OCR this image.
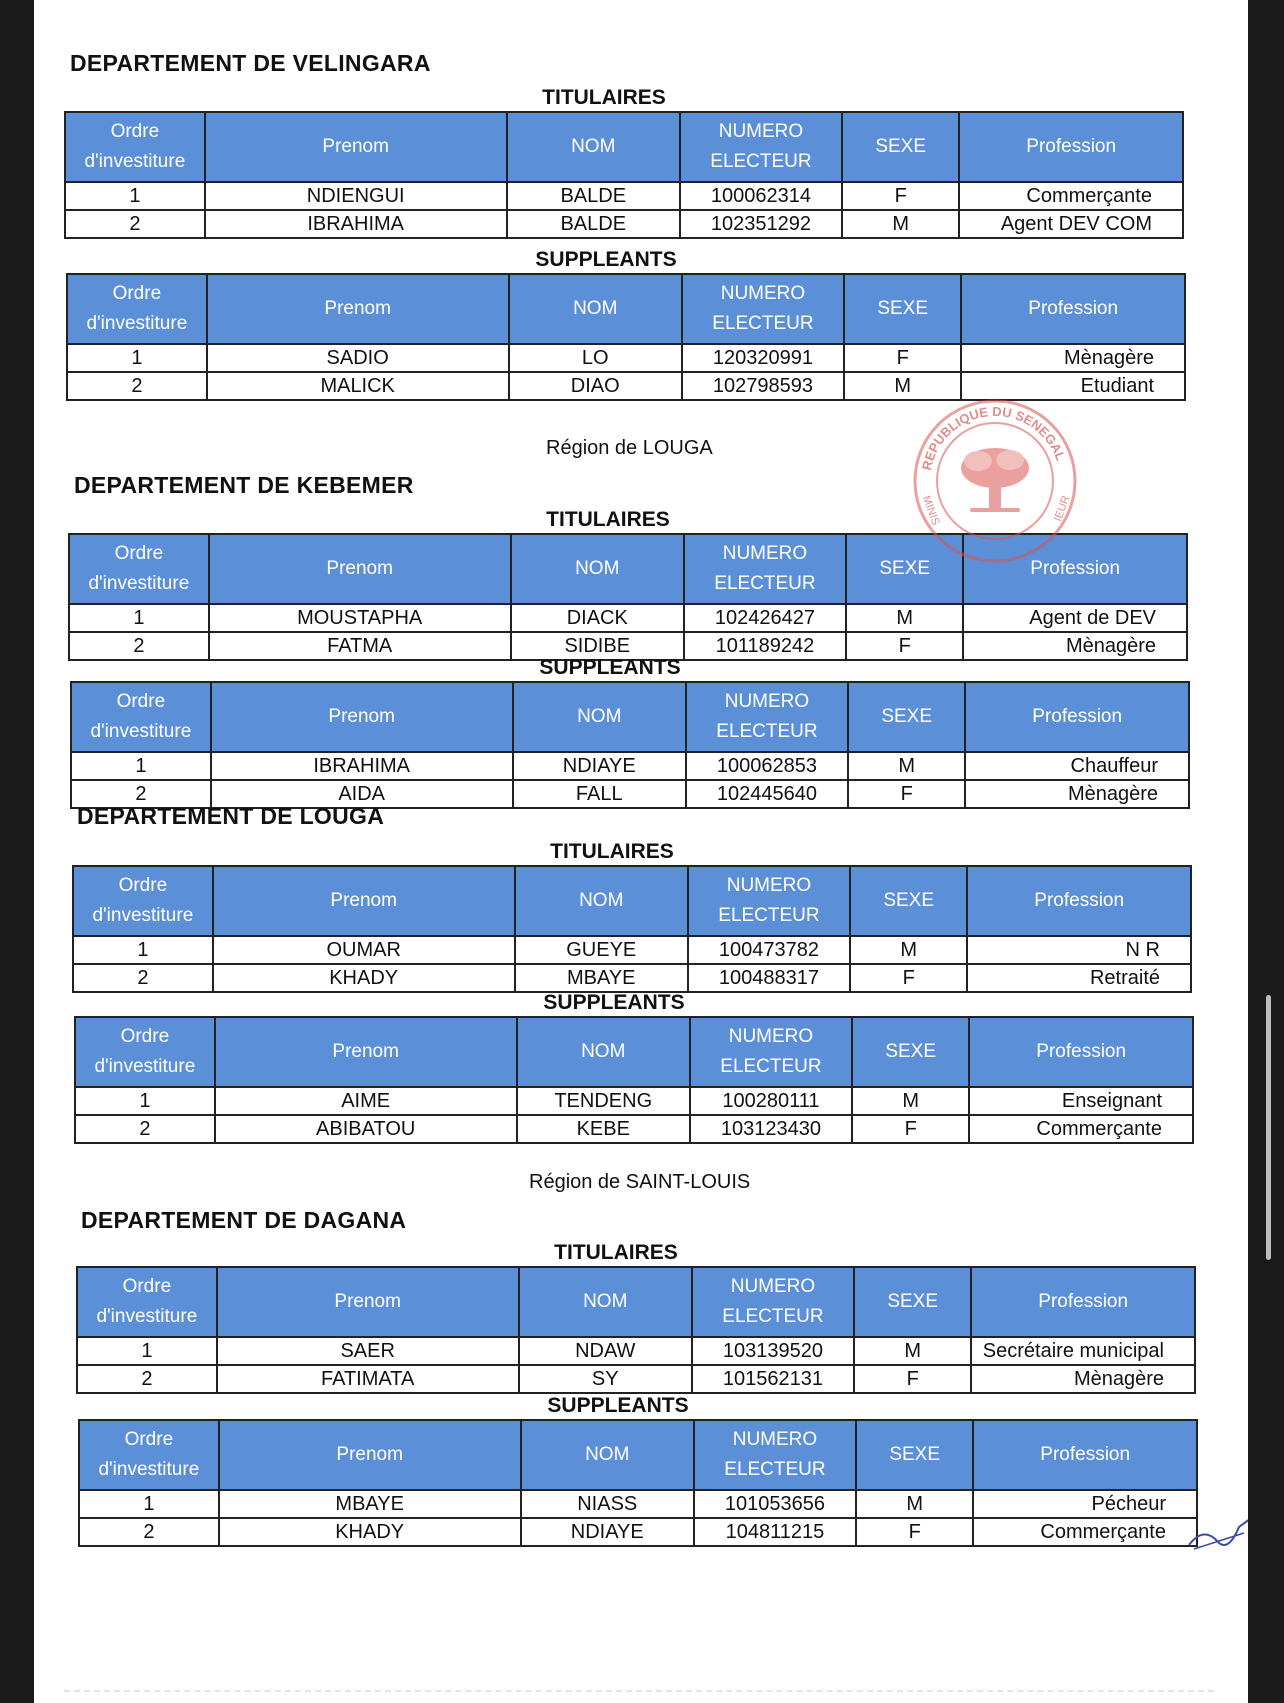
DEPARTEMENT DE VELINGARA
TITULAIRES
Ordre d'investiture	Prenom	NOM	NUMERO ELECTEUR	SEXE	Profession
1	NDIENGUI	BALDE	100062314	F	Commerçante
2	IBRAHIMA	BALDE	102351292	M	Agent DEV COM
SUPPLEANTS
Ordre d'investiture	Prenom	NOM	NUMERO ELECTEUR	SEXE	Profession
1	SADIO	LO	120320991	F	Mènagère
2	MALICK	DIAO	102798593	M	Etudiant
Région de LOUGA
DEPARTEMENT DE KEBEMER
TITULAIRES
Ordre d'investiture	Prenom	NOM	NUMERO ELECTEUR	SEXE	Profession
1	MOUSTAPHA	DIACK	102426427	M	Agent de DEV
2	FATMA	SIDIBE	101189242	F	Mènagère
SUPPLEANTS
Ordre d'investiture	Prenom	NOM	NUMERO ELECTEUR	SEXE	Profession
1	IBRAHIMA	NDIAYE	100062853	M	Chauffeur
2	AIDA	FALL	102445640	F	Mènagère
DEPARTEMENT DE LOUGA
TITULAIRES
Ordre d'investiture	Prenom	NOM	NUMERO ELECTEUR	SEXE	Profession
1	OUMAR	GUEYE	100473782	M	N R
2	KHADY	MBAYE	100488317	F	Retraité
SUPPLEANTS
Ordre d'investiture	Prenom	NOM	NUMERO ELECTEUR	SEXE	Profession
1	AIME	TENDENG	100280111	M	Enseignant
2	ABIBATOU	KEBE	103123430	F	Commerçante
Région de SAINT-LOUIS
DEPARTEMENT DE DAGANA
TITULAIRES
Ordre d'investiture	Prenom	NOM	NUMERO ELECTEUR	SEXE	Profession
1	SAER	NDAW	103139520	M	Secrétaire municipal
2	FATIMATA	SY	101562131	F	Mènagère
SUPPLEANTS
Ordre d'investiture	Prenom	NOM	NUMERO ELECTEUR	SEXE	Profession
1	MBAYE	NIASS	101053656	M	Pécheur
2	KHADY	NDIAYE	104811215	F	Commerçante
REPUBLIQUE DU SENEGAL
MINIS	IEUR
